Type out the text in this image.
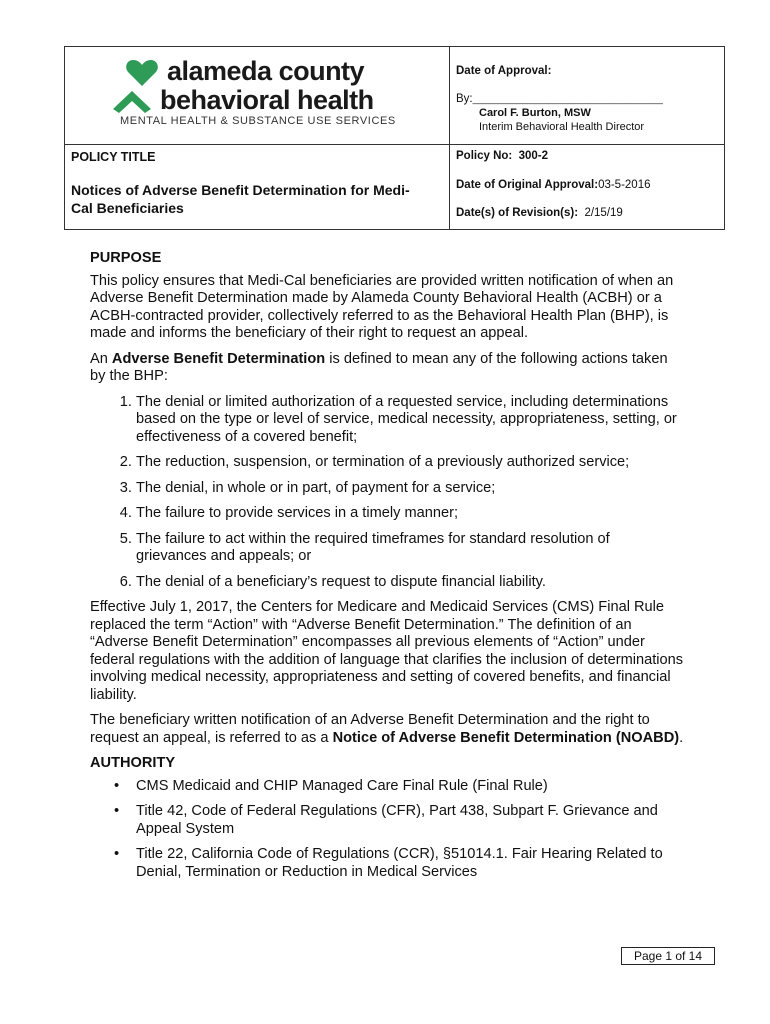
alameda county
behavioral health
MENTAL HEALTH & SUBSTANCE USE SERVICES
Date of Approval:
By:______________________________________
Carol F. Burton, MSW
Interim Behavioral Health Director
POLICY TITLE
Notices of Adverse Benefit Determination for Medi-Cal Beneficiaries
Policy No: 300-2
Date of Original Approval:03-5-2016
Date(s) of Revision(s): 2/15/19
PURPOSE

This policy ensures that Medi-Cal beneficiaries are provided written notification of when an Adverse Benefit Determination made by Alameda County Behavioral Health (ACBH) or a ACBH-contracted provider, collectively referred to as the Behavioral Health Plan (BHP), is made and informs the beneficiary of their right to request an appeal.

An Adverse Benefit Determination is defined to mean any of the following actions taken by the BHP:

1. The denial or limited authorization of a requested service, including determinations based on the type or level of service, medical necessity, appropriateness, setting, or effectiveness of a covered benefit;
2. The reduction, suspension, or termination of a previously authorized service;
3. The denial, in whole or in part, of payment for a service;
4. The failure to provide services in a timely manner;
5. The failure to act within the required timeframes for standard resolution of grievances and appeals; or
6. The denial of a beneficiary’s request to dispute financial liability.

Effective July 1, 2017, the Centers for Medicare and Medicaid Services (CMS) Final Rule replaced the term “Action” with “Adverse Benefit Determination.” The definition of an “Adverse Benefit Determination” encompasses all previous elements of “Action” under federal regulations with the addition of language that clarifies the inclusion of determinations involving medical necessity, appropriateness and setting of covered benefits, and financial liability.

The beneficiary written notification of an Adverse Benefit Determination and the right to request an appeal, is referred to as a Notice of Adverse Benefit Determination (NOABD).

AUTHORITY
• CMS Medicaid and CHIP Managed Care Final Rule (Final Rule)
• Title 42, Code of Federal Regulations (CFR), Part 438, Subpart F. Grievance and Appeal System
• Title 22, California Code of Regulations (CCR), §51014.1. Fair Hearing Related to Denial, Termination or Reduction in Medical Services
Page 1 of 14
